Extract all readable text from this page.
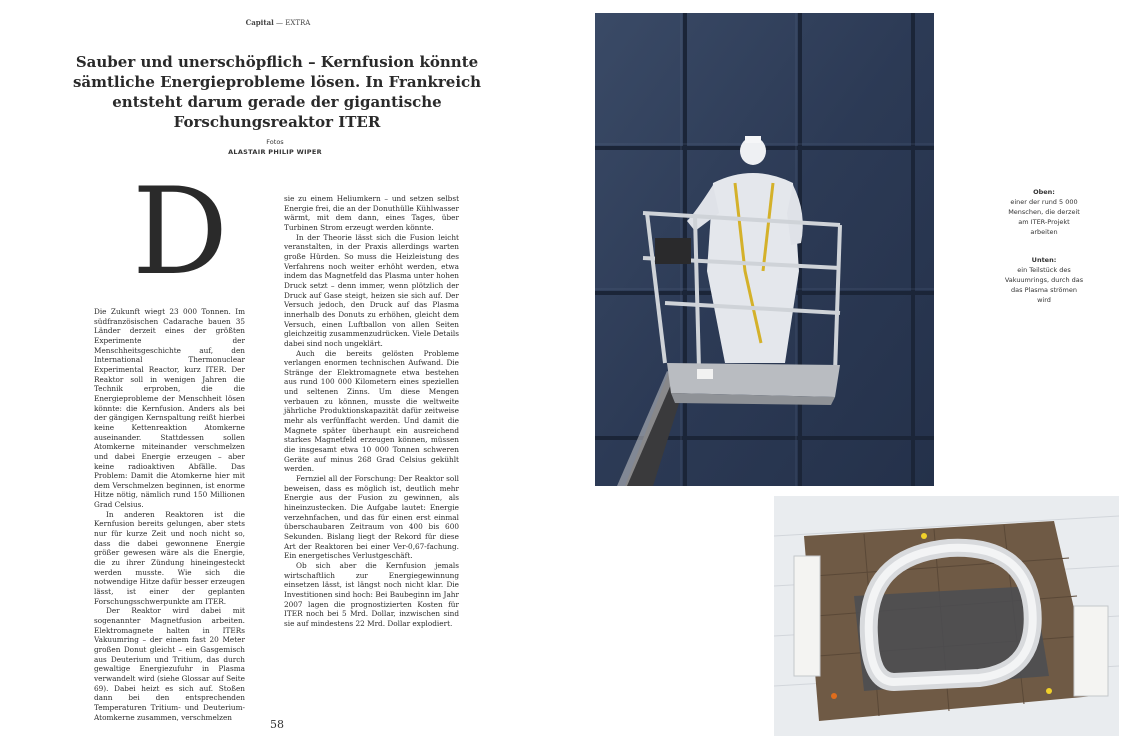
Capital — EXTRA
Sauber und unerschöpflich – Kernfusion könnte sämtliche Energieprobleme lösen. In Frankreich entsteht darum gerade der gigantische Forschungsreaktor ITER
Fotos
ALASTAIR PHILIP WIPER
D

Die Zukunft wiegt 23 000 Tonnen. Im südfranzösischen Cadarache bauen 35 Länder derzeit eines der größten Experimente der Menschheitsgeschichte auf, den International Thermonuclear Experimental Reactor, kurz ITER. Der Reaktor soll in wenigen Jahren die Technik erproben, die die Energieprobleme der Menschheit lösen könnte: die Kernfusion. Anders als bei der gängigen Kernspaltung reißt hierbei keine Kettenreaktion Atomkerne auseinander. Stattdessen sollen Atomkerne miteinander verschmelzen und dabei Energie erzeugen – aber keine radioaktiven Abfälle. Das Problem: Damit die Atomkerne hier mit dem Verschmelzen beginnen, ist enorme Hitze nötig, nämlich rund 150 Millionen Grad Celsius.

In anderen Reaktoren ist die Kernfusion bereits gelungen, aber stets nur für kurze Zeit und noch nicht so, dass die dabei gewonnene Energie größer gewesen wäre als die Energie, die zu ihrer Zündung hineingesteckt werden musste. Wie sich die notwendige Hitze dafür besser erzeugen lässt, ist einer der geplanten Forschungsschwerpunkte am ITER.

Der Reaktor wird dabei mit sogenannter Magnetfusion arbeiten. Elektromagnete halten in ITERs Vakuumring – der einem fast 20 Meter großen Donut gleicht – ein Gasgemisch aus Deuterium und Tritium, das durch gewaltige Energiezufuhr in Plasma verwandelt wird (siehe Glossar auf Seite 69). Dabei heizt es sich auf. Stoßen dann bei den entsprechenden Temperaturen Tritium- und Deuterium-Atomkerne zusammen, verschmelzen

sie zu einem Heliumkern – und setzen selbst Energie frei, die an der Donuthülle Kühlwasser wärmt, mit dem dann, eines Tages, über Turbinen Strom erzeugt werden könnte.

In der Theorie lässt sich die Fusion leicht veranstalten, in der Praxis allerdings warten große Hürden. So muss die Heizleistung des Verfahrens noch weiter erhöht werden, etwa indem das Magnetfeld das Plasma unter hohen Druck setzt – denn immer, wenn plötzlich der Druck auf Gase steigt, heizen sie sich auf. Der Versuch jedoch, den Druck auf das Plasma innerhalb des Donuts zu erhöhen, gleicht dem Versuch, einen Luftballon von allen Seiten gleichzeitig zusammenzudrücken. Viele Details dabei sind noch ungeklärt.

Auch die bereits gelösten Probleme verlangen enormen technischen Aufwand. Die Stränge der Elektromagnete etwa bestehen aus rund 100 000 Kilometern eines speziellen und seltenen Zinns. Um diese Mengen verbauen zu können, musste die weltweite jährliche Produktionskapazität dafür zeitweise mehr als verfünffacht werden. Und damit die Magnete später überhaupt ein ausreichend starkes Magnetfeld erzeugen können, müssen die insgesamt etwa 10 000 Tonnen schweren Geräte auf minus 268 Grad Celsius gekühlt werden.

Fernziel all der Forschung: Der Reaktor soll beweisen, dass es möglich ist, deutlich mehr Energie aus der Fusion zu gewinnen, als hineinzustecken. Die Aufgabe lautet: Energie verzehnfachen, und das für einen erst einmal überschaubaren Zeitraum von 400 bis 600 Sekunden. Bislang liegt der Rekord für diese Art der Reaktoren bei einer Ver-0,67-fachung. Ein energetisches Verlustgeschäft.

Ob sich aber die Kernfusion jemals wirtschaftlich zur Energiegewinnung einsetzen lässt, ist längst noch nicht klar. Die Investitionen sind hoch: Bei Baubeginn im Jahr 2007 lagen die prognostizierten Kosten für ITER noch bei 5 Mrd. Dollar, inzwischen sind sie auf mindestens 22 Mrd. Dollar explodiert.

58
Oben:
einer der rund 5 000 Menschen, die derzeit am ITER-Projekt arbeiten
Unten:
ein Teilstück des Vakuumrings, durch das das Plasma strömen wird
